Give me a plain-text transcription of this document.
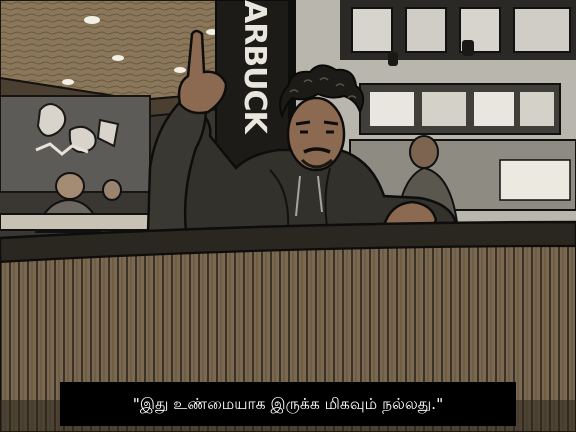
ARBUCK
"இது உண்மையாக இருக்க மிகவும் நல்லது."
